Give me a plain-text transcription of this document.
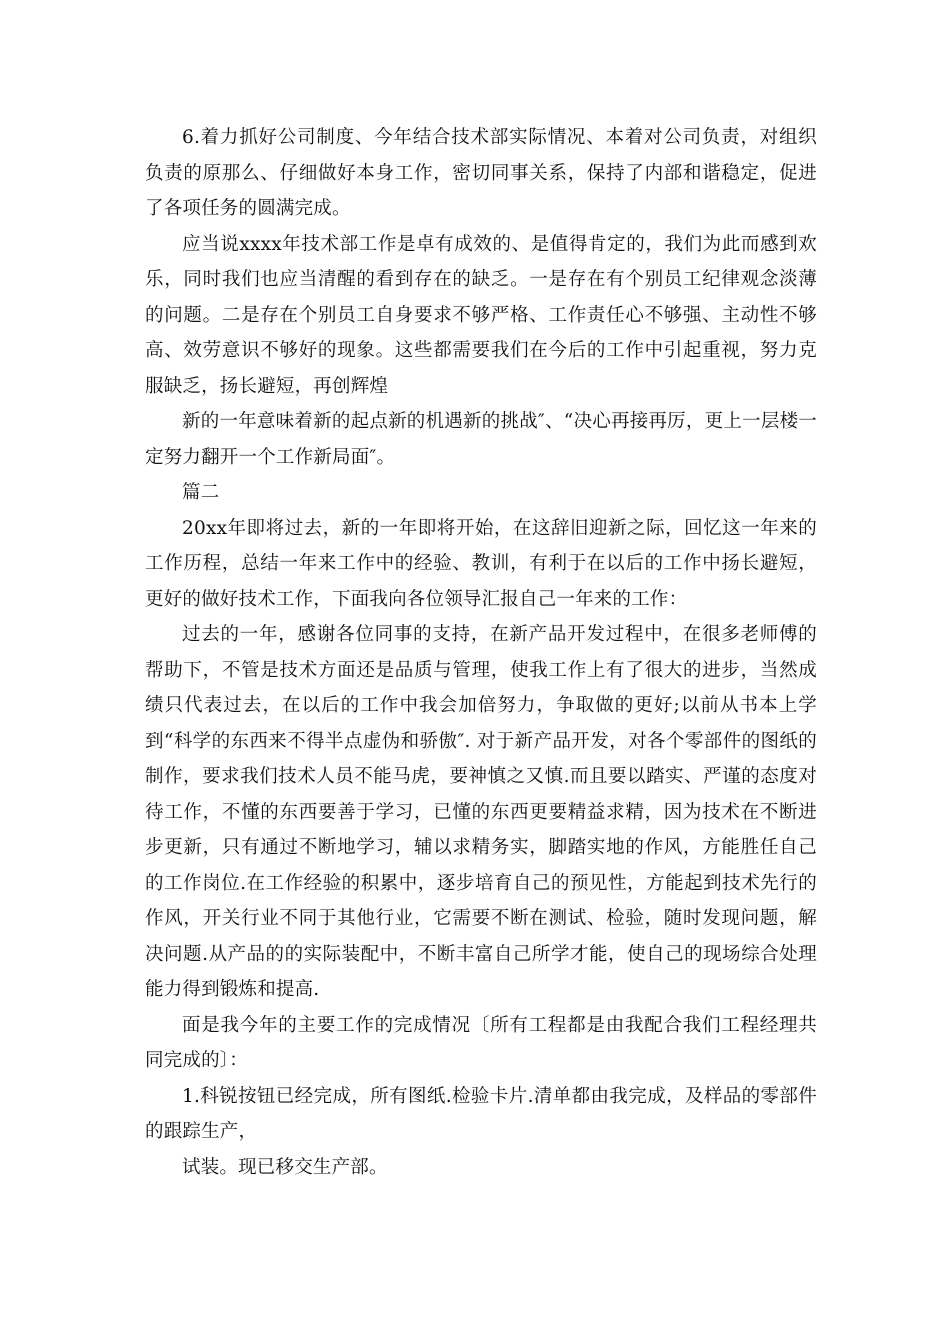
6.着力抓好公司制度、今年结合技术部实际情况、本着对公司负责，对组织负责的原那么、仔细做好本身工作，密切同事关系，保持了内部和谐稳定，促进了各项任务的圆满完成。

应当说xxxx年技术部工作是卓有成效的、是值得肯定的，我们为此而感到欢乐，同时我们也应当清醒的看到存在的缺乏。一是存在有个别员工纪律观念淡薄的问题。二是存在个别员工自身要求不够严格、工作责任心不够强、主动性不够高、效劳意识不够好的现象。这些都需要我们在今后的工作中引起重视，努力克服缺乏，扬长避短，再创辉煌

新的一年意味着新的起点新的机遇新的挑战″、“决心再接再厉，更上一层楼一定努力翻开一个工作新局面″。

篇二

20xx年即将过去，新的一年即将开始，在这辞旧迎新之际，回忆这一年来的工作历程，总结一年来工作中的经验、教训，有利于在以后的工作中扬长避短，更好的做好技术工作，下面我向各位领导汇报自己一年来的工作：

过去的一年，感谢各位同事的支持，在新产品开发过程中，在很多老师傅的帮助下，不管是技术方面还是品质与管理，使我工作上有了很大的进步，当然成绩只代表过去，在以后的工作中我会加倍努力，争取做的更好;以前从书本上学到“科学的东西来不得半点虚伪和骄傲″. 对于新产品开发，对各个零部件的图纸的制作，要求我们技术人员不能马虎，要神慎之又慎.而且要以踏实、严谨的态度对待工作，不懂的东西要善于学习，已懂的东西更要精益求精，因为技术在不断进步更新，只有通过不断地学习，辅以求精务实，脚踏实地的作风，方能胜任自己的工作岗位.在工作经验的积累中，逐步培育自己的预见性，方能起到技术先行的作风，开关行业不同于其他行业，它需要不断在测试、检验，随时发现问题，解决问题.从产品的的实际装配中，不断丰富自己所学才能，使自己的现场综合处理能力得到锻炼和提高.

面是我今年的主要工作的完成情况〔所有工程都是由我配合我们工程经理共同完成的〕：

1.科锐按钮已经完成，所有图纸.检验卡片.清单都由我完成，及样品的零部件的跟踪生产，

试装。现已移交生产部。
